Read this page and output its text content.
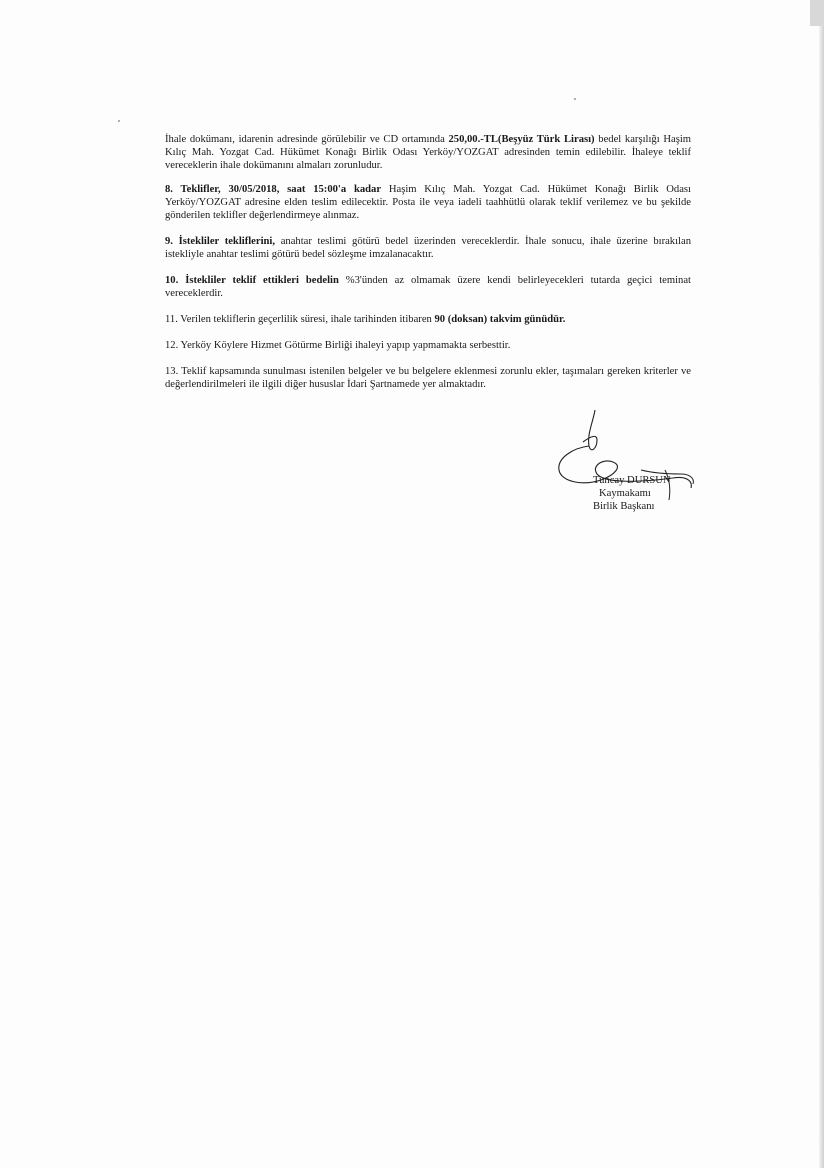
İhale dokümanı, idarenin adresinde görülebilir ve CD ortamında 250,00.-TL(Beşyüz Türk Lirası) bedel karşılığı Haşim Kılıç Mah. Yozgat Cad. Hükümet Konağı Birlik Odası Yerköy/YOZGAT adresinden temin edilebilir. İhaleye teklif vereceklerin ihale dokümanını almaları zorunludur.

8. Teklifler, 30/05/2018, saat 15:00'a kadar Haşim Kılıç Mah. Yozgat Cad. Hükümet Konağı Birlik Odası Yerköy/YOZGAT adresine elden teslim edilecektir. Posta ile veya iadeli taahhütlü olarak teklif verilemez ve bu şekilde gönderilen teklifler değerlendirmeye alınmaz.

9. İstekliler tekliflerini, anahtar teslimi götürü bedel üzerinden vereceklerdir. İhale sonucu, ihale üzerine bırakılan istekliyle anahtar teslimi götürü bedel sözleşme imzalanacaktır.

10. İstekliler teklif ettikleri bedelin %3'ünden az olmamak üzere kendi belirleyecekleri tutarda geçici teminat vereceklerdir.

11. Verilen tekliflerin geçerlilik süresi, ihale tarihinden itibaren 90 (doksan) takvim günüdür.

12. Yerköy Köylere Hizmet Götürme Birliği ihaleyi yapıp yapmamakta serbesttir.

13. Teklif kapsamında sunulması istenilen belgeler ve bu belgelere eklenmesi zorunlu ekler, taşımaları gereken kriterler ve değerlendirilmeleri ile ilgili diğer hususlar İdari Şartnamede yer almaktadır.

Tuncay DURSUN
Kaymakamı
Birlik Başkanı
